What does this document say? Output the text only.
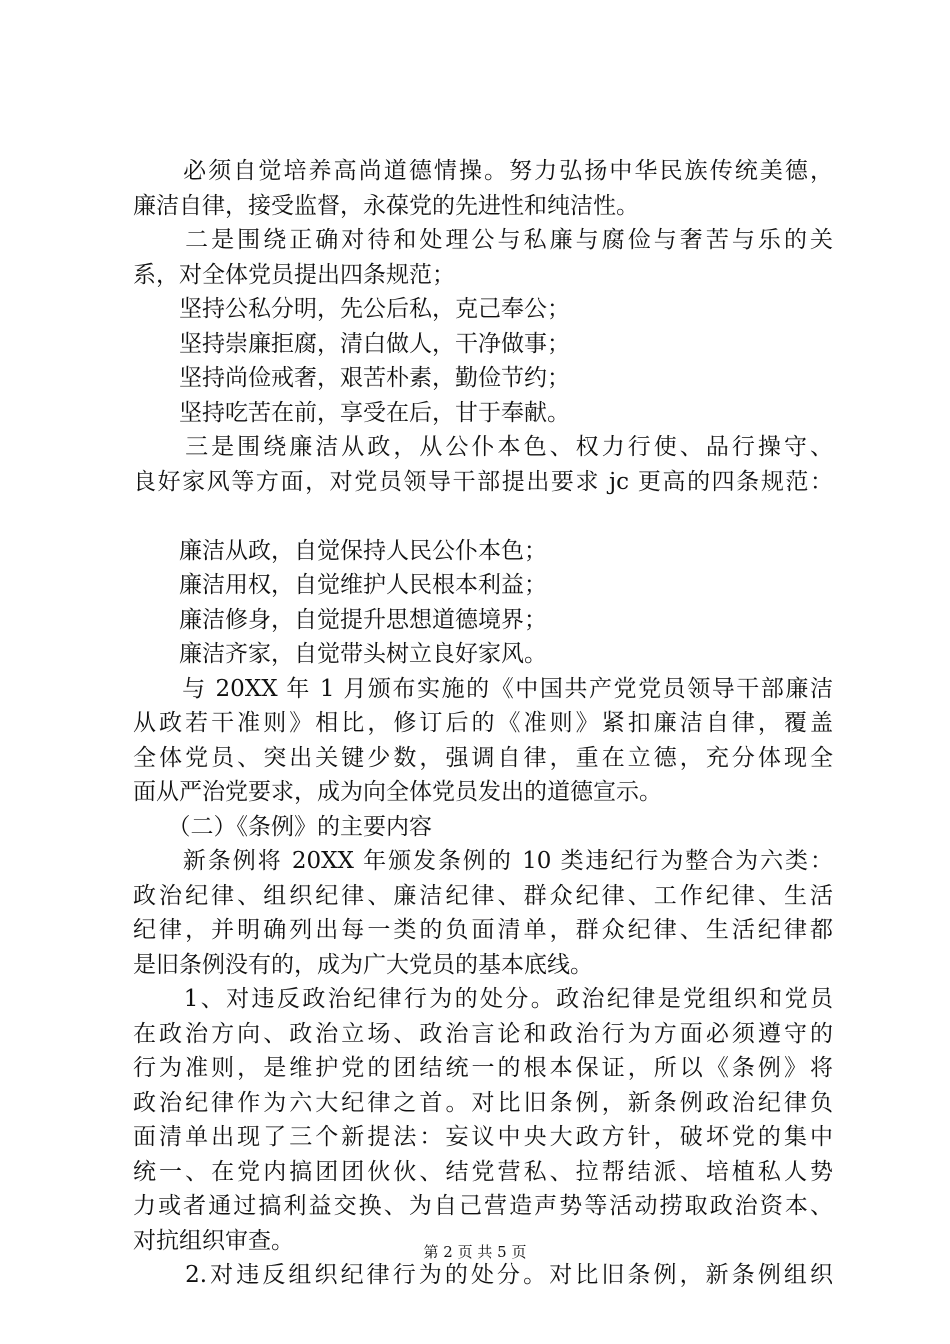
　　必须自觉培养高尚道德情操。努力弘扬中华民族传统美德，
廉洁自律，接受监督，永葆党的先进性和纯洁性。
　　二是围绕正确对待和处理公与私廉与腐俭与奢苦与乐的关
系，对全体党员提出四条规范；
　　坚持公私分明，先公后私，克己奉公；
　　坚持崇廉拒腐，清白做人，干净做事；
　　坚持尚俭戒奢，艰苦朴素，勤俭节约；
　　坚持吃苦在前，享受在后，甘于奉献。
　　三是围绕廉洁从政，从公仆本色、权力行使、品行操守、
良好家风等方面，对党员领导干部提出要求 jc 更高的四条规范：
　　廉洁从政，自觉保持人民公仆本色；
　　廉洁用权，自觉维护人民根本利益；
　　廉洁修身，自觉提升思想道德境界；
　　廉洁齐家，自觉带头树立良好家风。
　　与 20XX 年 1 月颁布实施的《中国共产党党员领导干部廉洁
从政若干准则》相比，修订后的《准则》紧扣廉洁自律，覆盖
全体党员、突出关键少数，强调自律，重在立德，充分体现全
面从严治党要求，成为向全体党员发出的道德宣示。
　　（二）《条例》的主要内容
　　新条例将 20XX 年颁发条例的 10 类违纪行为整合为六类：
政治纪律、组织纪律、廉洁纪律、群众纪律、工作纪律、生活
纪律，并明确列出每一类的负面清单，群众纪律、生活纪律都
是旧条例没有的，成为广大党员的基本底线。
　　1、对违反政治纪律行为的处分。政治纪律是党组织和党员
在政治方向、政治立场、政治言论和政治行为方面必须遵守的
行为准则，是维护党的团结统一的根本保证，所以《条例》将
政治纪律作为六大纪律之首。对比旧条例，新条例政治纪律负
面清单出现了三个新提法：妄议中央大政方针，破坏党的集中
统一、在党内搞团团伙伙、结党营私、拉帮结派、培植私人势
力或者通过搞利益交换、为自己营造声势等活动捞取政治资本、
对抗组织审查。
　　2.对违反组织纪律行为的处分。对比旧条例，新条例组织
第 2 页 共 5 页
